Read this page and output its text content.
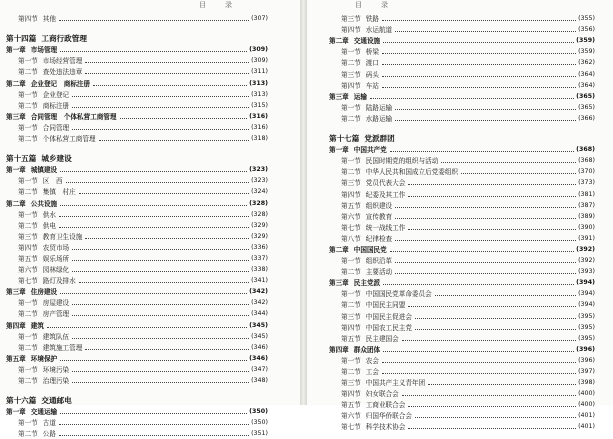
目　录
第四节 其他	(307)
第十四篇 工商行政管理
第一章 市场管理	(309)
第一节 市场经营管理	(309)
第二节 查处违法违章	(311)
第二章 企业登记　商标注册	(313)
第一节 企业登记	(313)
第二节 商标注册	(315)
第三章 合同管理　个体私营工商管理	(316)
第一节 合同管理	(316)
第二节 个体私营工商管理	(318)
第十五篇 城乡建设
第一章 城镇建设	(323)
第一节 区　西	(323)
第二节 集镇　村庄	(324)
第二章 公共设施	(328)
第一节 供水	(328)
第二节 供电	(329)
第三节 教育卫生设施	(329)
第四节 农贸市场	(336)
第五节 娱乐场所	(337)
第六节 园林绿化	(338)
第七节 路灯及排水	(341)
第三章 住房建设	(342)
第一节 房屋建设	(342)
第二节 房产管理	(344)
第四章 建筑	(345)
第一节 建筑队伍	(345)
第二节 建筑施工管理	(346)
第五章 环境保护	(346)
第一节 环境污染	(347)
第二节 治理污染	(348)
第十六篇 交通邮电
第一章 交通运输	(350)
第一节 古道	(350)
第二节 公路	(351)
目　录
第三节 铁路	(355)
第四节 水运航道	(356)
第二章 交通设施	(359)
第一节 桥梁	(359)
第二节 渡口	(362)
第三节 码头	(364)
第四节 车站	(364)
第三章 运输	(365)
第一节 陆路运输	(365)
第二节 水路运输	(366)
第十七篇 党派群团
第一章 中国共产党	(368)
第一节 民国时期党的组织与活动	(368)
第二节 中华人民共和国成立后党委组织	(370)
第三节 党员代表大会	(373)
第四节 纪委及其工作	(381)
第五节 组织建设	(387)
第六节 宣传教育	(389)
第七节 统一战线工作	(390)
第八节 纪律检查	(391)
第二章 中国国民党	(392)
第一节 组织沿革	(392)
第二节 主要活动	(393)
第三章 民主党派	(394)
第一节 中国国民党革命委员会	(394)
第二节 中国民主同盟	(394)
第三节 中国民主促进会	(395)
第四节 中国农工民主党	(395)
第五节 民主建国会	(395)
第四章 群众团体	(396)
第一节 农会	(396)
第二节 工会	(397)
第三节 中国共产主义青年团	(398)
第四节 妇女联合会	(400)
第五节 工商业联合会	(400)
第六节 归国华侨联合会	(401)
第七节 科学技术协会	(401)
